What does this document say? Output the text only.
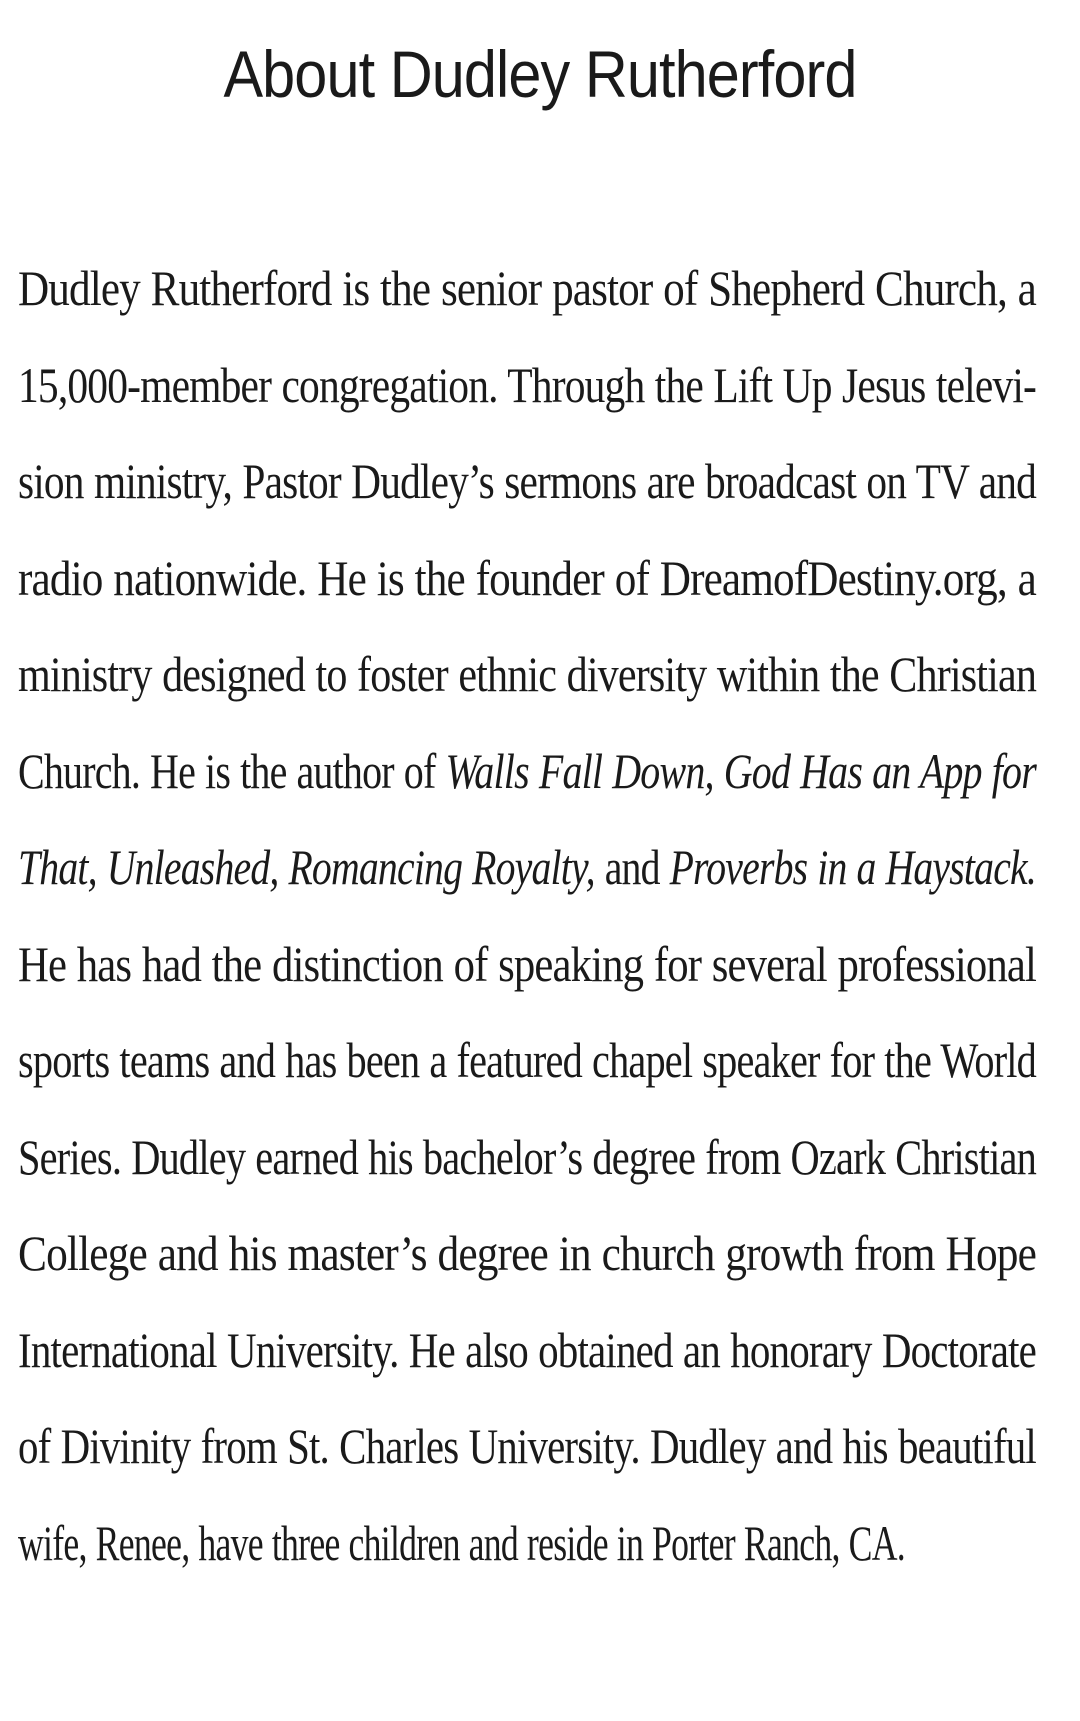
About Dudley Rutherford
Dudley Rutherford is the senior pastor of Shepherd Church, a
15,000-member congregation. Through the Lift Up Jesus televi-
sion ministry, Pastor Dudley’s sermons are broadcast on TV and
radio nationwide. He is the founder of DreamofDestiny.org, a
ministry designed to foster ethnic diversity within the Christian
Church. He is the author of Walls Fall Down, God Has an App for
That, Unleashed, Romancing Royalty, and Proverbs in a Haystack.
He has had the distinction of speaking for several professional
sports teams and has been a featured chapel speaker for the World
Series. Dudley earned his bachelor’s degree from Ozark Christian
College and his master’s degree in church growth from Hope
International University. He also obtained an honorary Doctorate
of Divinity from St. Charles University. Dudley and his beautiful
wife, Renee, have three children and reside in Porter Ranch, CA.
